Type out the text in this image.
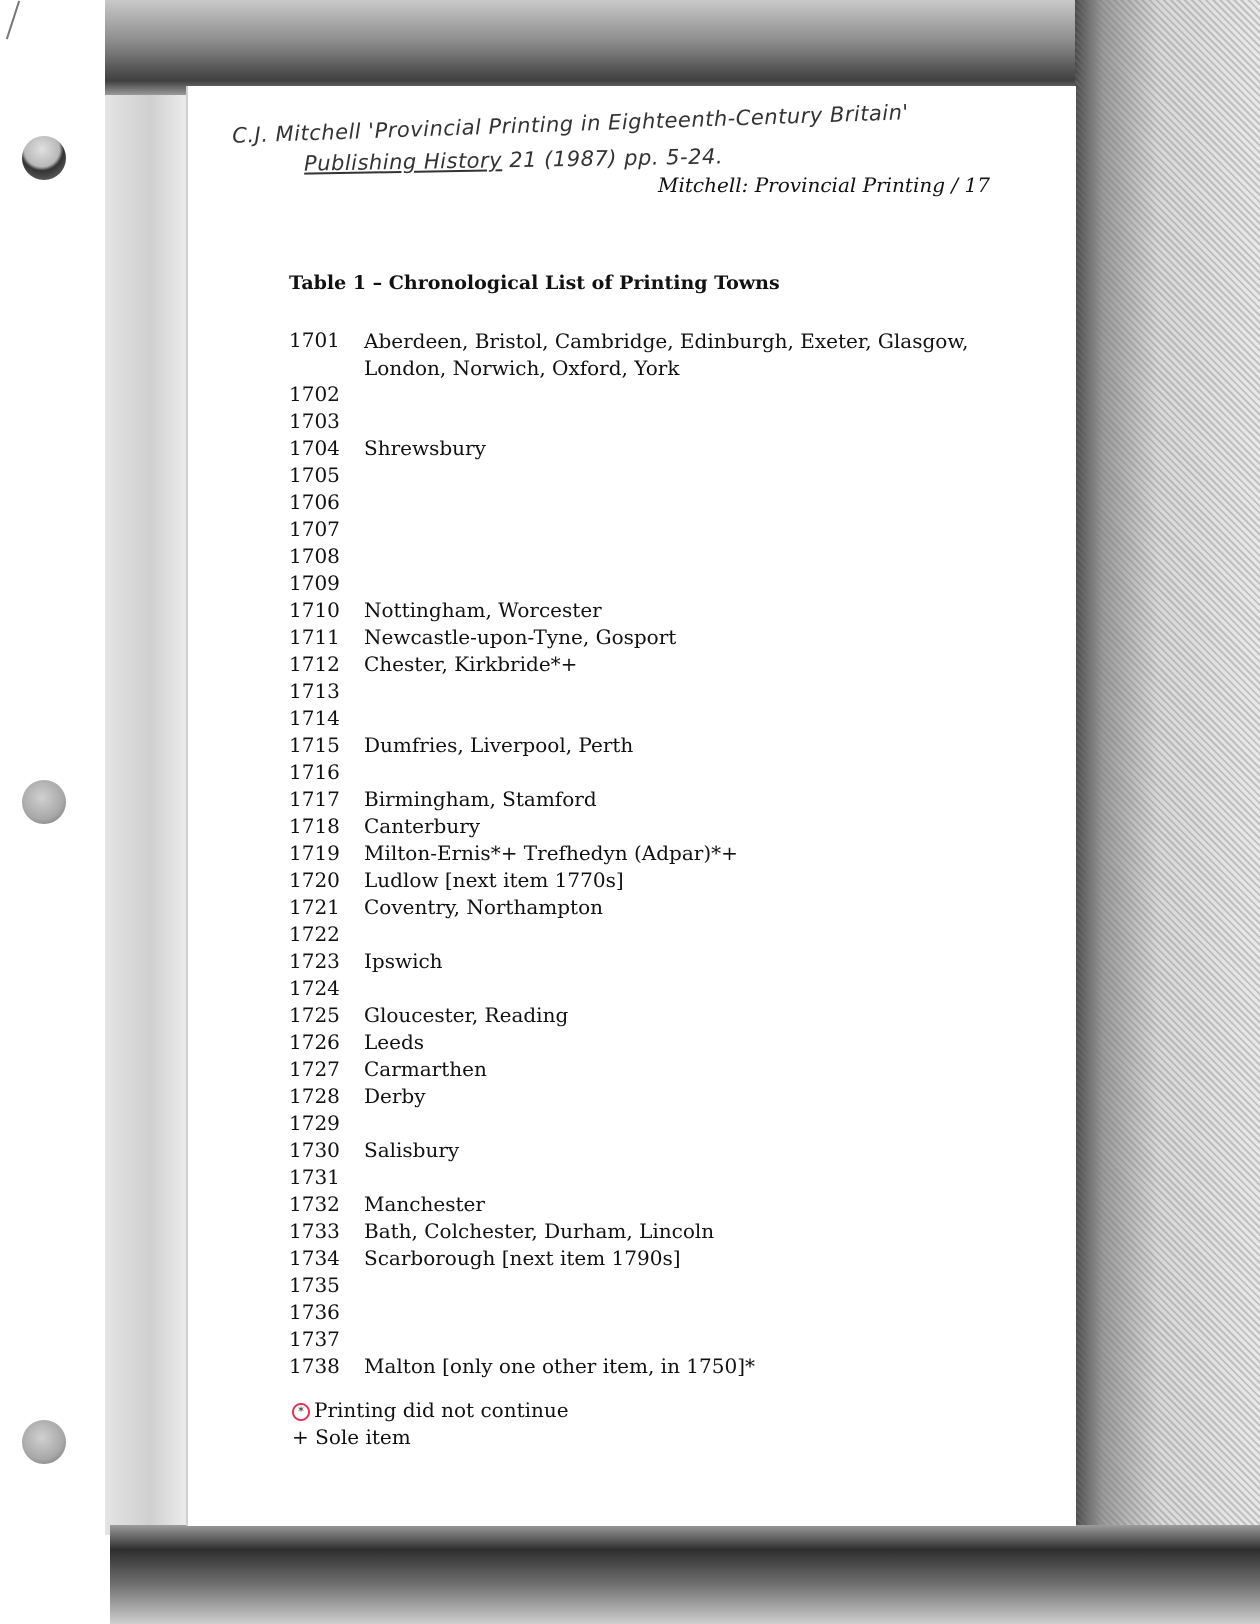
C.J. Mitchell 'Provincial Printing in Eighteenth-Century Britain'
Publishing History 21 (1987) pp. 5-24.
Mitchell: Provincial Printing / 17
Table 1 – Chronological List of Printing Towns
1701	Aberdeen, Bristol, Cambridge, Edinburgh, Exeter, Glasgow, London, Norwich, Oxford, York
1702
1703
1704	Shrewsbury
1705
1706
1707
1708
1709
1710	Nottingham, Worcester
1711	Newcastle-upon-Tyne, Gosport
1712	Chester, Kirkbride*+
1713
1714
1715	Dumfries, Liverpool, Perth
1716
1717	Birmingham, Stamford
1718	Canterbury
1719	Milton-Ernis*+ Trefhedyn (Adpar)*+
1720	Ludlow [next item 1770s]
1721	Coventry, Northampton
1722
1723	Ipswich
1724
1725	Gloucester, Reading
1726	Leeds
1727	Carmarthen
1728	Derby
1729
1730	Salisbury
1731
1732	Manchester
1733	Bath, Colchester, Durham, Lincoln
1734	Scarborough [next item 1790s]
1735
1736
1737
1738	Malton [only one other item, in 1750]*
* Printing did not continue
+ Sole item
